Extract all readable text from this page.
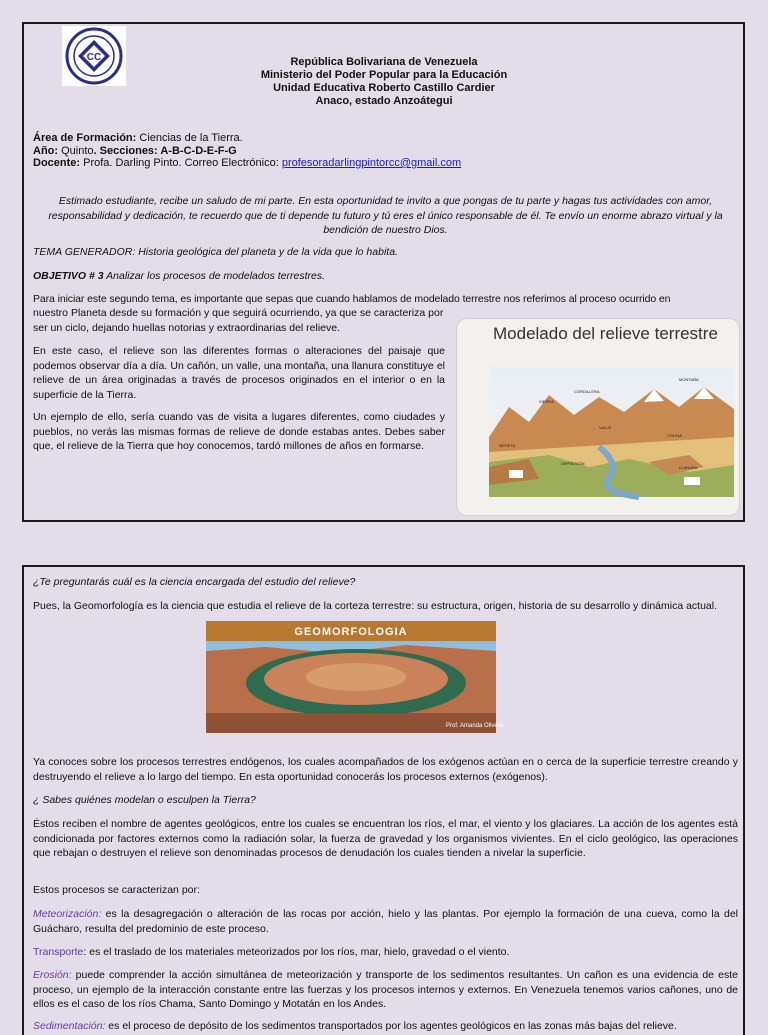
CC	República Bolivariana de Venezuela
Ministerio del Poder Popular para la Educación
Unidad Educativa Roberto Castillo Cardier
Anaco, estado Anzoátegui
Área de Formación: Ciencias de la Tierra.
Año: Quinto. Secciones: A-B-C-D-E-F-G
Docente: Profa. Darling Pinto. Correo Electrónico: profesoradarlingpintorcc@gmail.com
Estimado estudiante, recibe un saludo de mi parte. En esta oportunidad te invito a que pongas de tu parte y hagas tus actividades con amor, responsabilidad y dedicación, te recuerdo que de ti depende tu futuro y tú eres el único responsable de él. Te envío un enorme abrazo virtual y la bendición de nuestro Dios.
TEMA GENERADOR: Historia geológica del planeta y de la vida que lo habita.
OBJETIVO # 3 Analizar los procesos de modelados terrestres.
Para iniciar este segundo tema, es importante que sepas que cuando hablamos de modelado terrestre nos referimos al proceso ocurrido en
nuestro Planeta desde su formación y que seguirá ocurriendo, ya que se caracteriza por ser un ciclo, dejando huellas notorias y extraordinarias del relieve.
En este caso, el relieve son las diferentes formas o alteraciones del paisaje que podemos observar día a día. Un cañón, un valle, una montaña, una llanura constituye el relieve de un área originadas a través de procesos originados en el interior o en la superficie de la Tierra.
Un ejemplo de ello, sería cuando vas de visita a lugares diferentes, como ciudades y pueblos, no verás las mismas formas de relieve de donde estabas antes. Debes saber que, el relieve de la Tierra que hoy conocemos, tardó millones de años en formarse.
Modelado del relieve terrestre
CORDILLERA
MONTAÑA
SIERRA
VALLE
COLINA
MESETA
DEPRESIÓN
LLANURA
¿Te preguntarás cuál es la ciencia encargada del estudio del relieve?
Pues, la Geomorfología es la ciencia que estudia el relieve de la corteza terrestre: su estructura, origen, historia de su desarrollo y dinámica actual.
GEOMORFOLOGIA
Prof. Amanda Olivera
Ya conoces sobre los procesos terrestres endógenos, los cuales acompañados de los exógenos actúan en o cerca de la superficie terrestre creando y destruyendo el relieve a lo largo del tiempo. En esta oportunidad conocerás los procesos externos (exógenos).
¿ Sabes quiénes modelan o esculpen la Tierra?
Éstos reciben el nombre de agentes geológicos, entre los cuales se encuentran los ríos, el mar, el viento y los glaciares. La acción de los agentes está condicionada por factores externos como la radiación solar, la fuerza de gravedad y los organismos vivientes. En el ciclo geológico, las operaciones que rebajan o destruyen el relieve son denominadas procesos de denudación los cuales tienden a nivelar la superficie.
Estos procesos se caracterizan por:
Meteorización: es la desagregación o alteración de las rocas por acción, hielo y las plantas. Por ejemplo la formación de una cueva, como la del Guácharo, resulta del predominio de este proceso.
Transporte: es el traslado de los materiales meteorizados por los ríos, mar, hielo, gravedad o el viento.
Erosión: puede comprender la acción simultánea de meteorización y transporte de los sedimentos resultantes. Un cañon es una evidencia de este proceso, un ejemplo de la interacción constante entre las fuerzas y los procesos internos y externos. En Venezuela tenemos varios cañones, uno de ellos es el caso de los ríos Chama, Santo Domingo y Motatán en los Andes.
Sedimentación: es el proceso de depósito de los sedimentos transportados por los agentes geológicos en las zonas más bajas del relieve.
